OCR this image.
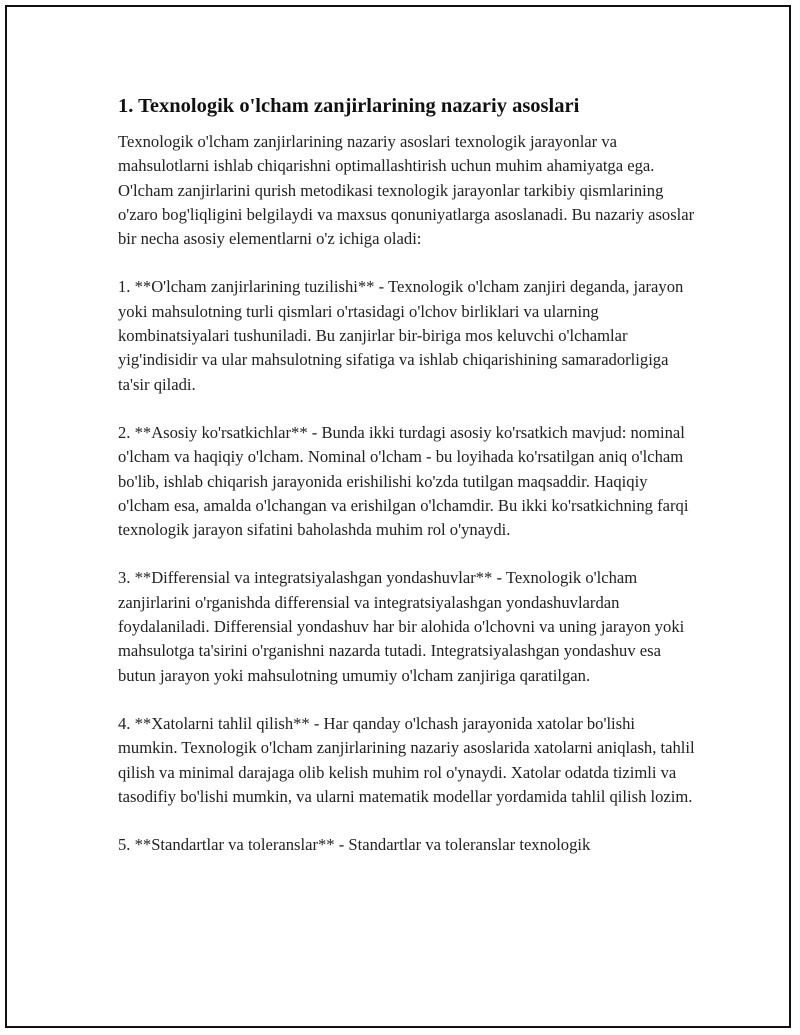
1. Texnologik o'lcham zanjirlarining nazariy asoslari

Texnologik o'lcham zanjirlarining nazariy asoslari texnologik jarayonlar va mahsulotlarni ishlab chiqarishni optimallashtirish uchun muhim ahamiyatga ega. O'lcham zanjirlarini qurish metodikasi texnologik jarayonlar tarkibiy qismlarining o'zaro bog'liqligini belgilaydi va maxsus qonuniyatlarga asoslanadi. Bu nazariy asoslar bir necha asosiy elementlarni o'z ichiga oladi:

1. **O'lcham zanjirlarining tuzilishi** - Texnologik o'lcham zanjiri deganda, jarayon yoki mahsulotning turli qismlari o'rtasidagi o'lchov birliklari va ularning kombinatsiyalari tushuniladi. Bu zanjirlar bir-biriga mos keluvchi o'lchamlar yig'indisidir va ular mahsulotning sifatiga va ishlab chiqarishining samaradorligiga ta'sir qiladi.

2. **Asosiy ko'rsatkichlar** - Bunda ikki turdagi asosiy ko'rsatkich mavjud: nominal o'lcham va haqiqiy o'lcham. Nominal o'lcham - bu loyihada ko'rsatilgan aniq o'lcham bo'lib, ishlab chiqarish jarayonida erishilishi ko'zda tutilgan maqsaddir. Haqiqiy o'lcham esa, amalda o'lchangan va erishilgan o'lchamdir. Bu ikki ko'rsatkichning farqi texnologik jarayon sifatini baholashda muhim rol o'ynaydi.

3. **Differensial va integratsiyalashgan yondashuvlar** - Texnologik o'lcham zanjirlarini o'rganishda differensial va integratsiyalashgan yondashuvlardan foydalaniladi. Differensial yondashuv har bir alohida o'lchovni va uning jarayon yoki mahsulotga ta'sirini o'rganishni nazarda tutadi. Integratsiyalashgan yondashuv esa butun jarayon yoki mahsulotning umumiy o'lcham zanjiriga qaratilgan.

4. **Xatolarni tahlil qilish** - Har qanday o'lchash jarayonida xatolar bo'lishi mumkin. Texnologik o'lcham zanjirlarining nazariy asoslarida xatolarni aniqlash, tahlil qilish va minimal darajaga olib kelish muhim rol o'ynaydi. Xatolar odatda tizimli va tasodifiy bo'lishi mumkin, va ularni matematik modellar yordamida tahlil qilish lozim.

5. **Standartlar va toleranslar** - Standartlar va toleranslar texnologik
